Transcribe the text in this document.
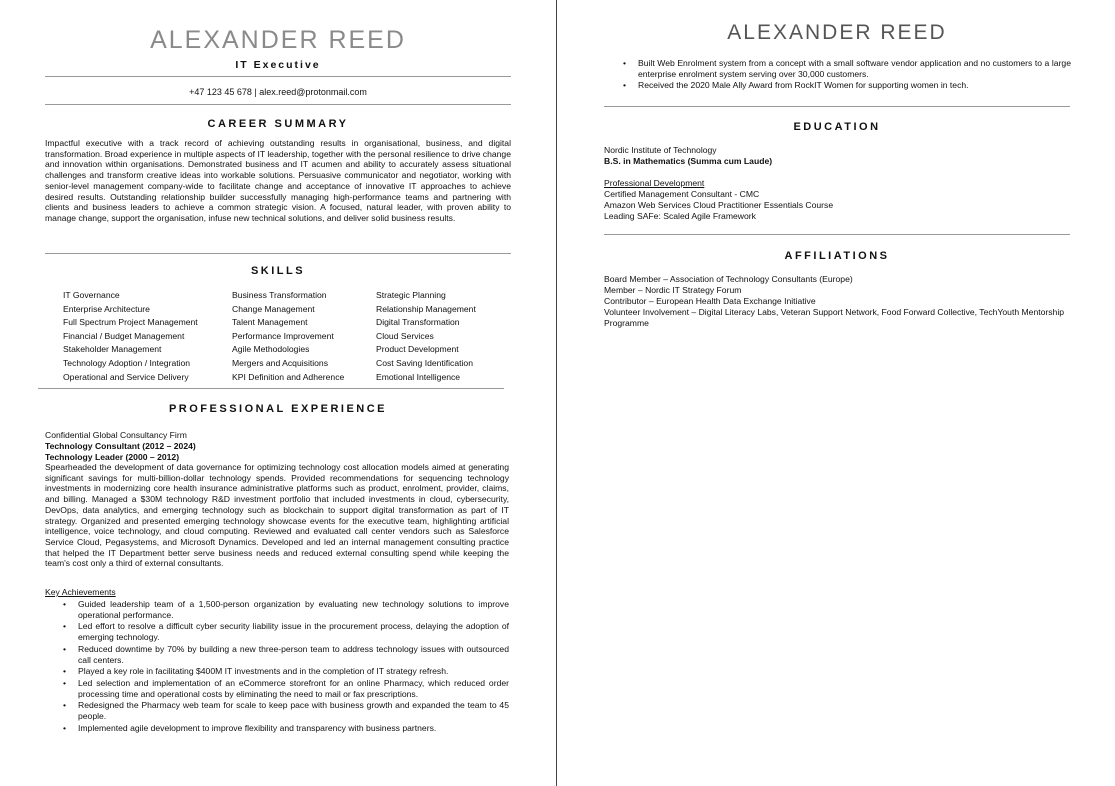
ALEXANDER REED
IT Executive
+47 123 45 678 | alex.reed@protonmail.com
CAREER SUMMARY
Impactful executive with a track record of achieving outstanding results in organisational, business, and digital transformation. Broad experience in multiple aspects of IT leadership, together with the personal resilience to drive change and innovation within organisations. Demonstrated business and IT acumen and ability to accurately assess situational challenges and transform creative ideas into workable solutions. Persuasive communicator and negotiator, working with senior-level management company-wide to facilitate change and acceptance of innovative IT approaches to achieve desired results. Outstanding relationship builder successfully managing high-performance teams and partnering with clients and business leaders to achieve a common strategic vision. A focused, natural leader, with proven ability to manage change, support the organisation, infuse new technical solutions, and deliver solid business results.
SKILLS
IT Governance
Enterprise Architecture
Full Spectrum Project Management
Financial / Budget Management
Stakeholder Management
Technology Adoption / Integration
Operational and Service Delivery
Business Transformation
Change Management
Talent Management
Performance Improvement
Agile Methodologies
Mergers and Acquisitions
KPI Definition and Adherence
Strategic Planning
Relationship Management
Digital Transformation
Cloud Services
Product Development
Cost Saving Identification
Emotional Intelligence
PROFESSIONAL EXPERIENCE
Confidential Global Consultancy Firm
Technology Consultant (2012 – 2024)
Technology Leader (2000 – 2012)
Spearheaded the development of data governance for optimizing technology cost allocation models aimed at generating significant savings for multi-billion-dollar technology spends. Provided recommendations for sequencing technology investments in modernizing core health insurance administrative platforms such as product, enrolment, provider, claims, and billing. Managed a $30M technology R&D investment portfolio that included investments in cloud, cybersecurity, DevOps, data analytics, and emerging technology such as blockchain to support digital transformation as part of IT strategy. Organized and presented emerging technology showcase events for the executive team, highlighting artificial intelligence, voice technology, and cloud computing. Reviewed and evaluated call center vendors such as Salesforce Service Cloud, Pegasystems, and Microsoft Dynamics. Developed and led an internal management consulting practice that helped the IT Department better serve business needs and reduced external consulting spend while keeping the team's cost only a third of external consultants.
Key Achievements
• Guided leadership team of a 1,500-person organization by evaluating new technology solutions to improve operational performance.
• Led effort to resolve a difficult cyber security liability issue in the procurement process, delaying the adoption of emerging technology.
• Reduced downtime by 70% by building a new three-person team to address technology issues with outsourced call centers.
• Played a key role in facilitating $400M IT investments and in the completion of IT strategy refresh.
• Led selection and implementation of an eCommerce storefront for an online Pharmacy, which reduced order processing time and operational costs by eliminating the need to mail or fax prescriptions.
• Redesigned the Pharmacy web team for scale to keep pace with business growth and expanded the team to 45 people.
• Implemented agile development to improve flexibility and transparency with business partners.
ALEXANDER REED
• Built Web Enrolment system from a concept with a small software vendor application and no customers to a large enterprise enrolment system serving over 30,000 customers.
• Received the 2020 Male Ally Award from RockIT Women for supporting women in tech.
EDUCATION
Nordic Institute of Technology
B.S. in Mathematics (Summa cum Laude)
Professional Development
Certified Management Consultant - CMC
Amazon Web Services Cloud Practitioner Essentials Course
Leading SAFe: Scaled Agile Framework
AFFILIATIONS
Board Member – Association of Technology Consultants (Europe)
Member – Nordic IT Strategy Forum
Contributor – European Health Data Exchange Initiative
Volunteer Involvement – Digital Literacy Labs, Veteran Support Network, Food Forward Collective, TechYouth Mentorship Programme
